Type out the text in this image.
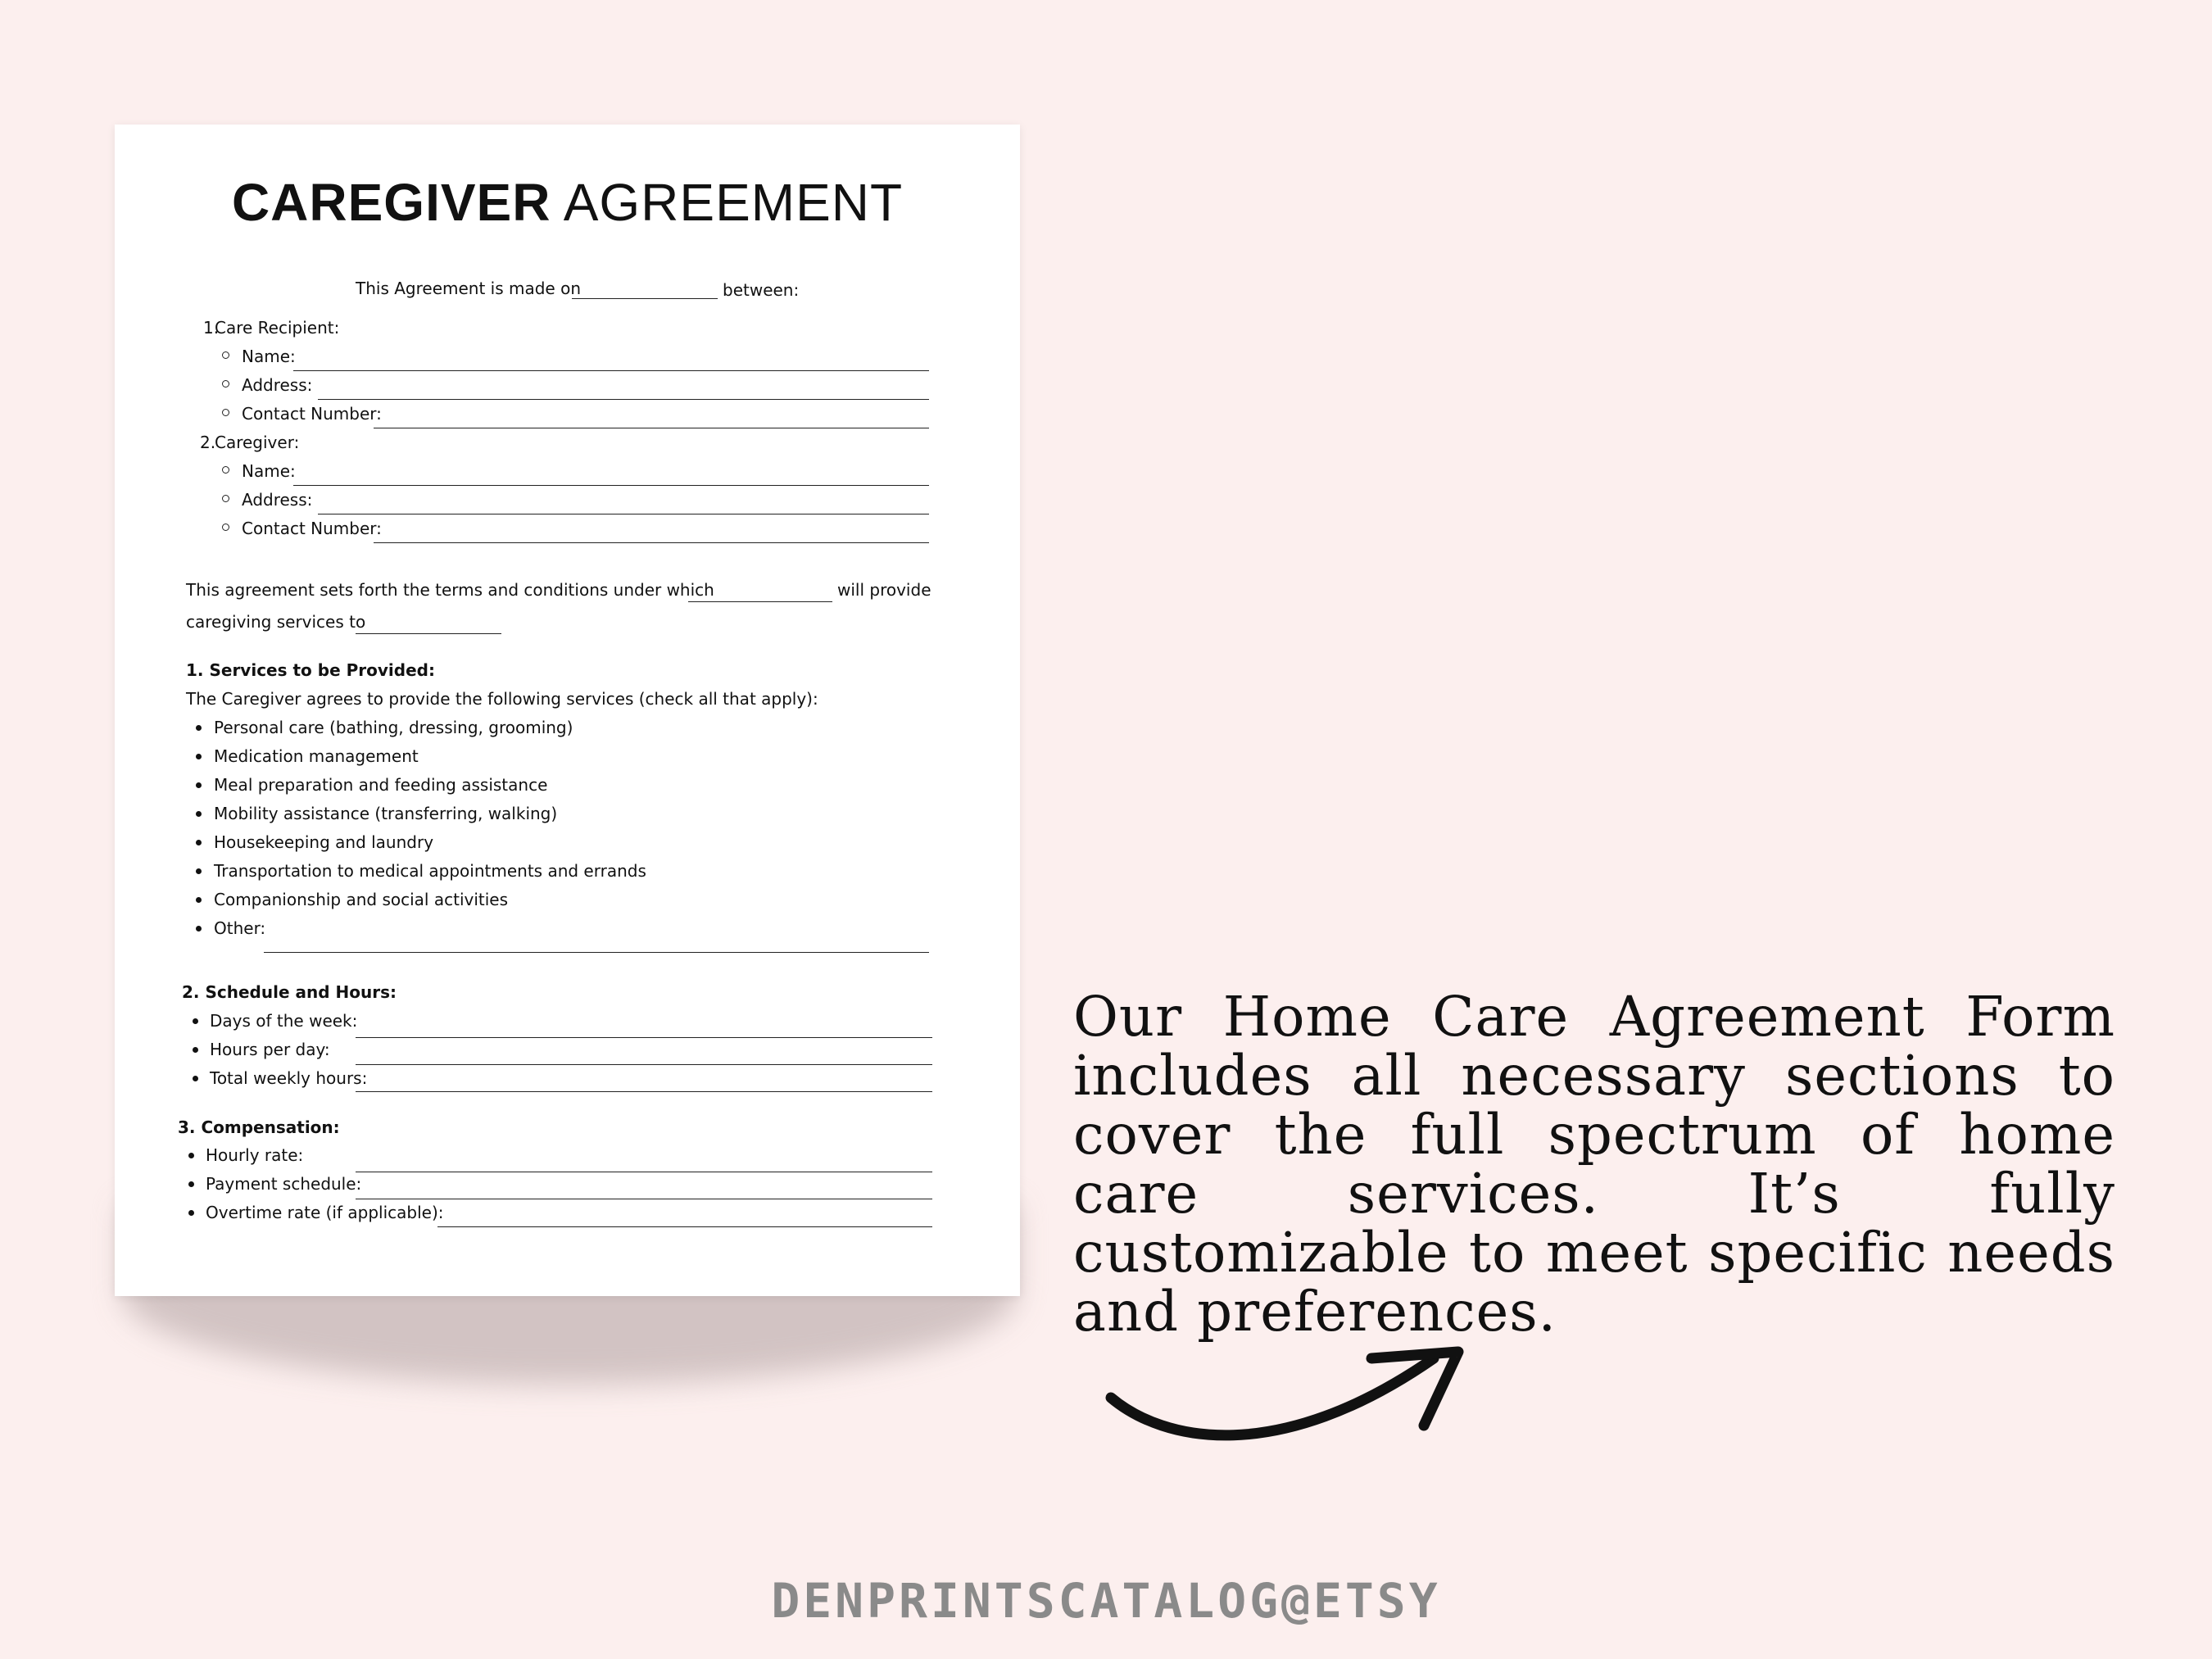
CAREGIVER AGREEMENT
This Agreement is made on	between:
1.
Care Recipient:
Name:
Address:
Contact Number:
2.
Caregiver:
Name:
Address:
Contact Number:
This agreement sets forth the terms and conditions under which	will provide
caregiving services to
1. Services to be Provided:
The Caregiver agrees to provide the following services (check all that apply):
Personal care (bathing, dressing, grooming)
Medication management
Meal preparation and feeding assistance
Mobility assistance (transferring, walking)
Housekeeping and laundry
Transportation to medical appointments and errands
Companionship and social activities
Other:
2. Schedule and Hours:
Days of the week:
Hours per day:
Total weekly hours:
3. Compensation:
Hourly rate:
Payment schedule:
Overtime rate (if applicable):
Our Home Care Agreement Form includes all necessary sections to cover the full spectrum of home care services. It’s fully customizable to meet specific needs and preferences.
DENPRINTSCATALOG@ETSY
